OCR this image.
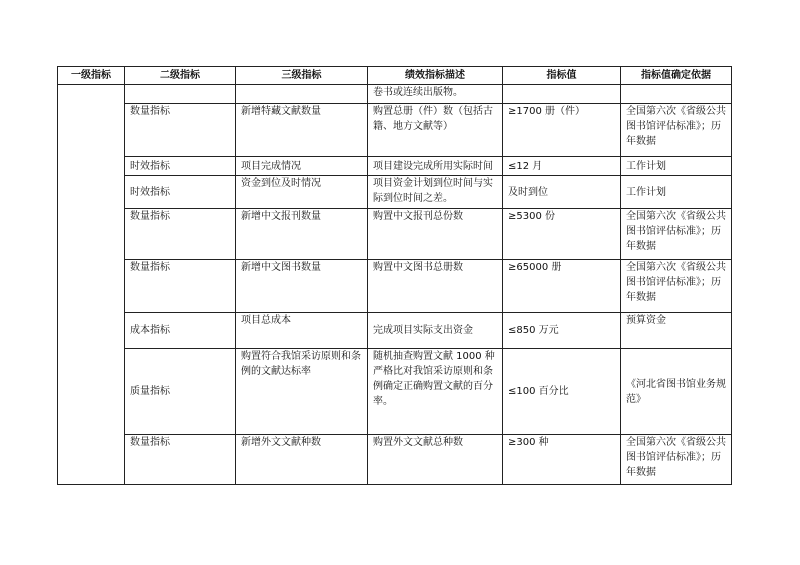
一级指标	二级指标	三级指标	绩效指标描述	指标值	指标值确定依据
			卷书或连续出版物。		
	数量指标	新增特藏文献数量	购置总册（件）数（包括古籍、地方文献等）	≥1700 册（件）	全国第六次《省级公共图书馆评估标准》；历年数据
	时效指标	项目完成情况	项目建设完成所用实际时间	≤12 月	工作计划
	时效指标	资金到位及时情况	项目资金计划到位时间与实际到位时间之差。	及时到位	工作计划
	数量指标	新增中文报刊数量	购置中文报刊总份数	≥5300 份	全国第六次《省级公共图书馆评估标准》；历年数据
	数量指标	新增中文图书数量	购置中文图书总册数	≥65000 册	全国第六次《省级公共图书馆评估标准》；历年数据
	成本指标	项目总成本	完成项目实际支出资金	≤850 万元	预算资金
	质量指标	购置符合我馆采访原则和条例的文献达标率	随机抽查购置文献 1000 种严格比对我馆采访原则和条例确定正确购置文献的百分率。	≤100 百分比	《河北省图书馆业务规范》
	数量指标	新增外文文献种数	购置外文文献总种数	≥300 种	全国第六次《省级公共图书馆评估标准》；历年数据
